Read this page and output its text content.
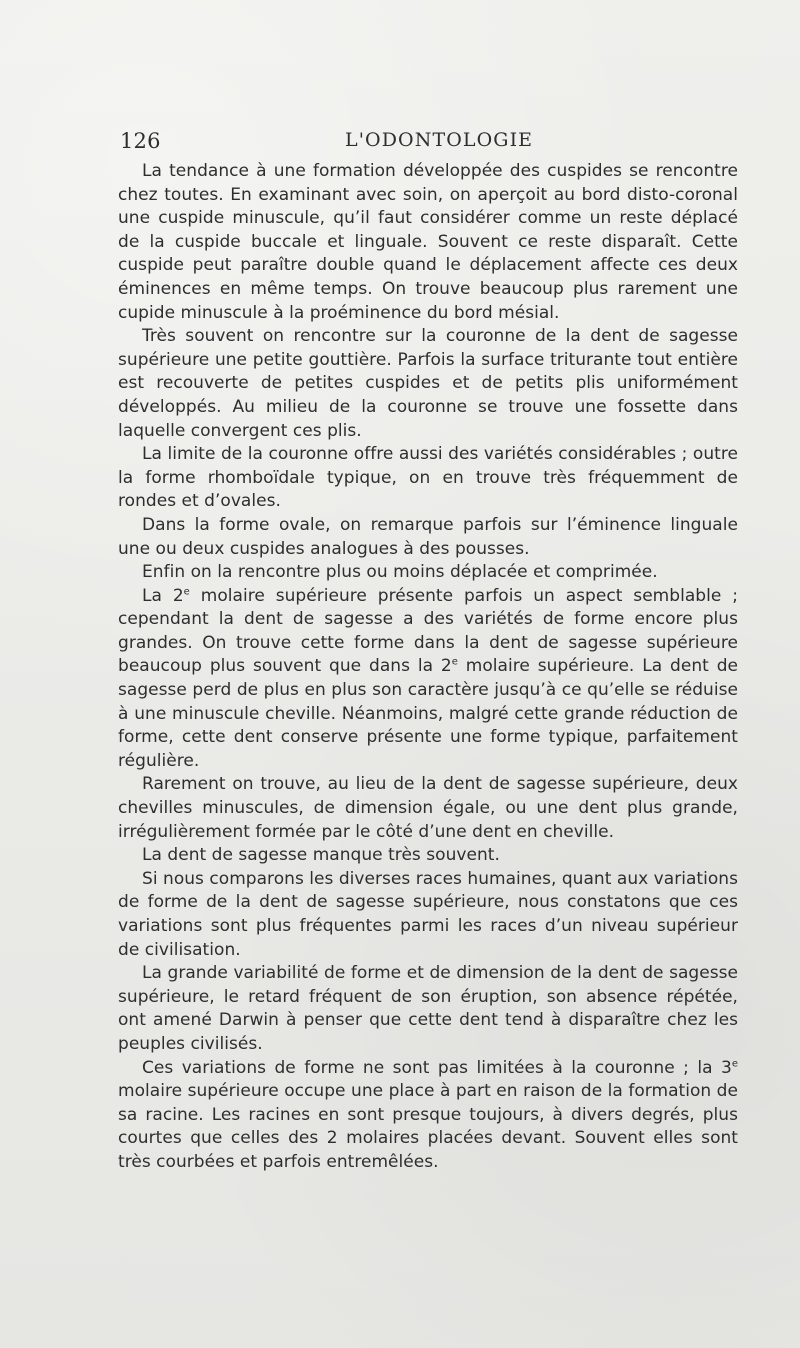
126	L'ODONTOLOGIE

La tendance à une formation développée des cuspides se rencontre chez toutes. En examinant avec soin, on aperçoit au bord disto-coronal une cuspide minuscule, qu’il faut considérer comme un reste déplacé de la cuspide buccale et linguale. Souvent ce reste disparaît. Cette cuspide peut paraître double quand le déplacement affecte ces deux éminences en même temps. On trouve beaucoup plus rarement une cupide minuscule à la proéminence du bord mésial.

Très souvent on rencontre sur la couronne de la dent de sagesse supérieure une petite gouttière. Parfois la surface triturante tout entière est recouverte de petites cuspides et de petits plis uniformément développés. Au milieu de la couronne se trouve une fossette dans laquelle convergent ces plis.

La limite de la couronne offre aussi des variétés considérables ; outre la forme rhomboïdale typique, on en trouve très fréquemment de rondes et d’ovales.

Dans la forme ovale, on remarque parfois sur l’éminence linguale une ou deux cuspides analogues à des pousses.

Enfin on la rencontre plus ou moins déplacée et comprimée.

La 2e molaire supérieure présente parfois un aspect semblable ; cependant la dent de sagesse a des variétés de forme encore plus grandes. On trouve cette forme dans la dent de sagesse supérieure beaucoup plus souvent que dans la 2e molaire supérieure. La dent de sagesse perd de plus en plus son caractère jusqu’à ce qu’elle se réduise à une minuscule cheville. Néanmoins, malgré cette grande réduction de forme, cette dent conserve présente une forme typique, parfaitement régulière.

Rarement on trouve, au lieu de la dent de sagesse supérieure, deux chevilles minuscules, de dimension égale, ou une dent plus grande, irrégulièrement formée par le côté d’une dent en cheville.

La dent de sagesse manque très souvent.

Si nous comparons les diverses races humaines, quant aux variations de forme de la dent de sagesse supérieure, nous constatons que ces variations sont plus fréquentes parmi les races d’un niveau supérieur de civilisation.

La grande variabilité de forme et de dimension de la dent de sagesse supérieure, le retard fréquent de son éruption, son absence répétée, ont amené Darwin à penser que cette dent tend à disparaître chez les peuples civilisés.

Ces variations de forme ne sont pas limitées à la couronne ; la 3e molaire supérieure occupe une place à part en raison de la formation de sa racine. Les racines en sont presque toujours, à divers degrés, plus courtes que celles des 2 molaires placées devant. Souvent elles sont très courbées et parfois entremêlées.
